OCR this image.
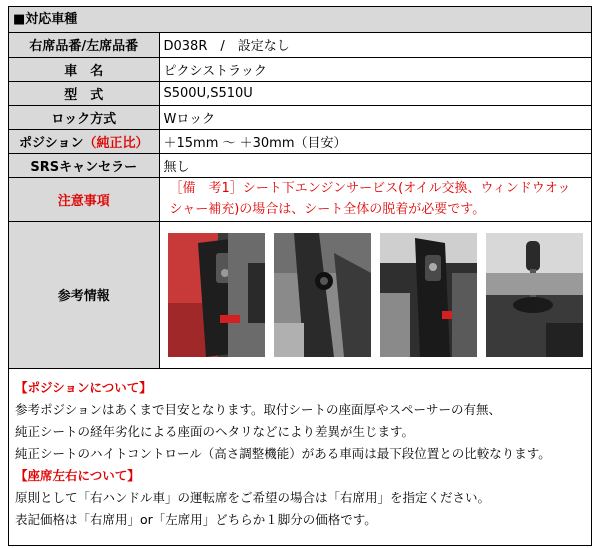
■対応車種
右席品番/左席品番	D038R　/　設定なし
車　名	ピクシストラック
型　式	S500U,S510U
ロック方式	Wロック
ポジション（純正比）	＋15mm 〜 ＋30mm（目安）
SRSキャンセラー	無し
注意事項	［備　考1］シート下エンジンサービス(オイル交換、ウィンドウオッ
シャー補充)の場合は、シート全体の脱着が必要です。

参考情報	
【ポジションについて】
参考ポジションはあくまで目安となります。取付シートの座面厚やスペーサーの有無、
純正シートの経年劣化による座面のヘタリなどにより差異が生じます。
純正シートのハイトコントロール（高さ調整機能）がある車両は最下段位置との比較なります。
【座席左右について】
原則として「右ハンドル車」の運転席をご希望の場合は「右席用」を指定ください。
表記価格は「右席用」or「左席用」どちらか１脚分の価格です。
